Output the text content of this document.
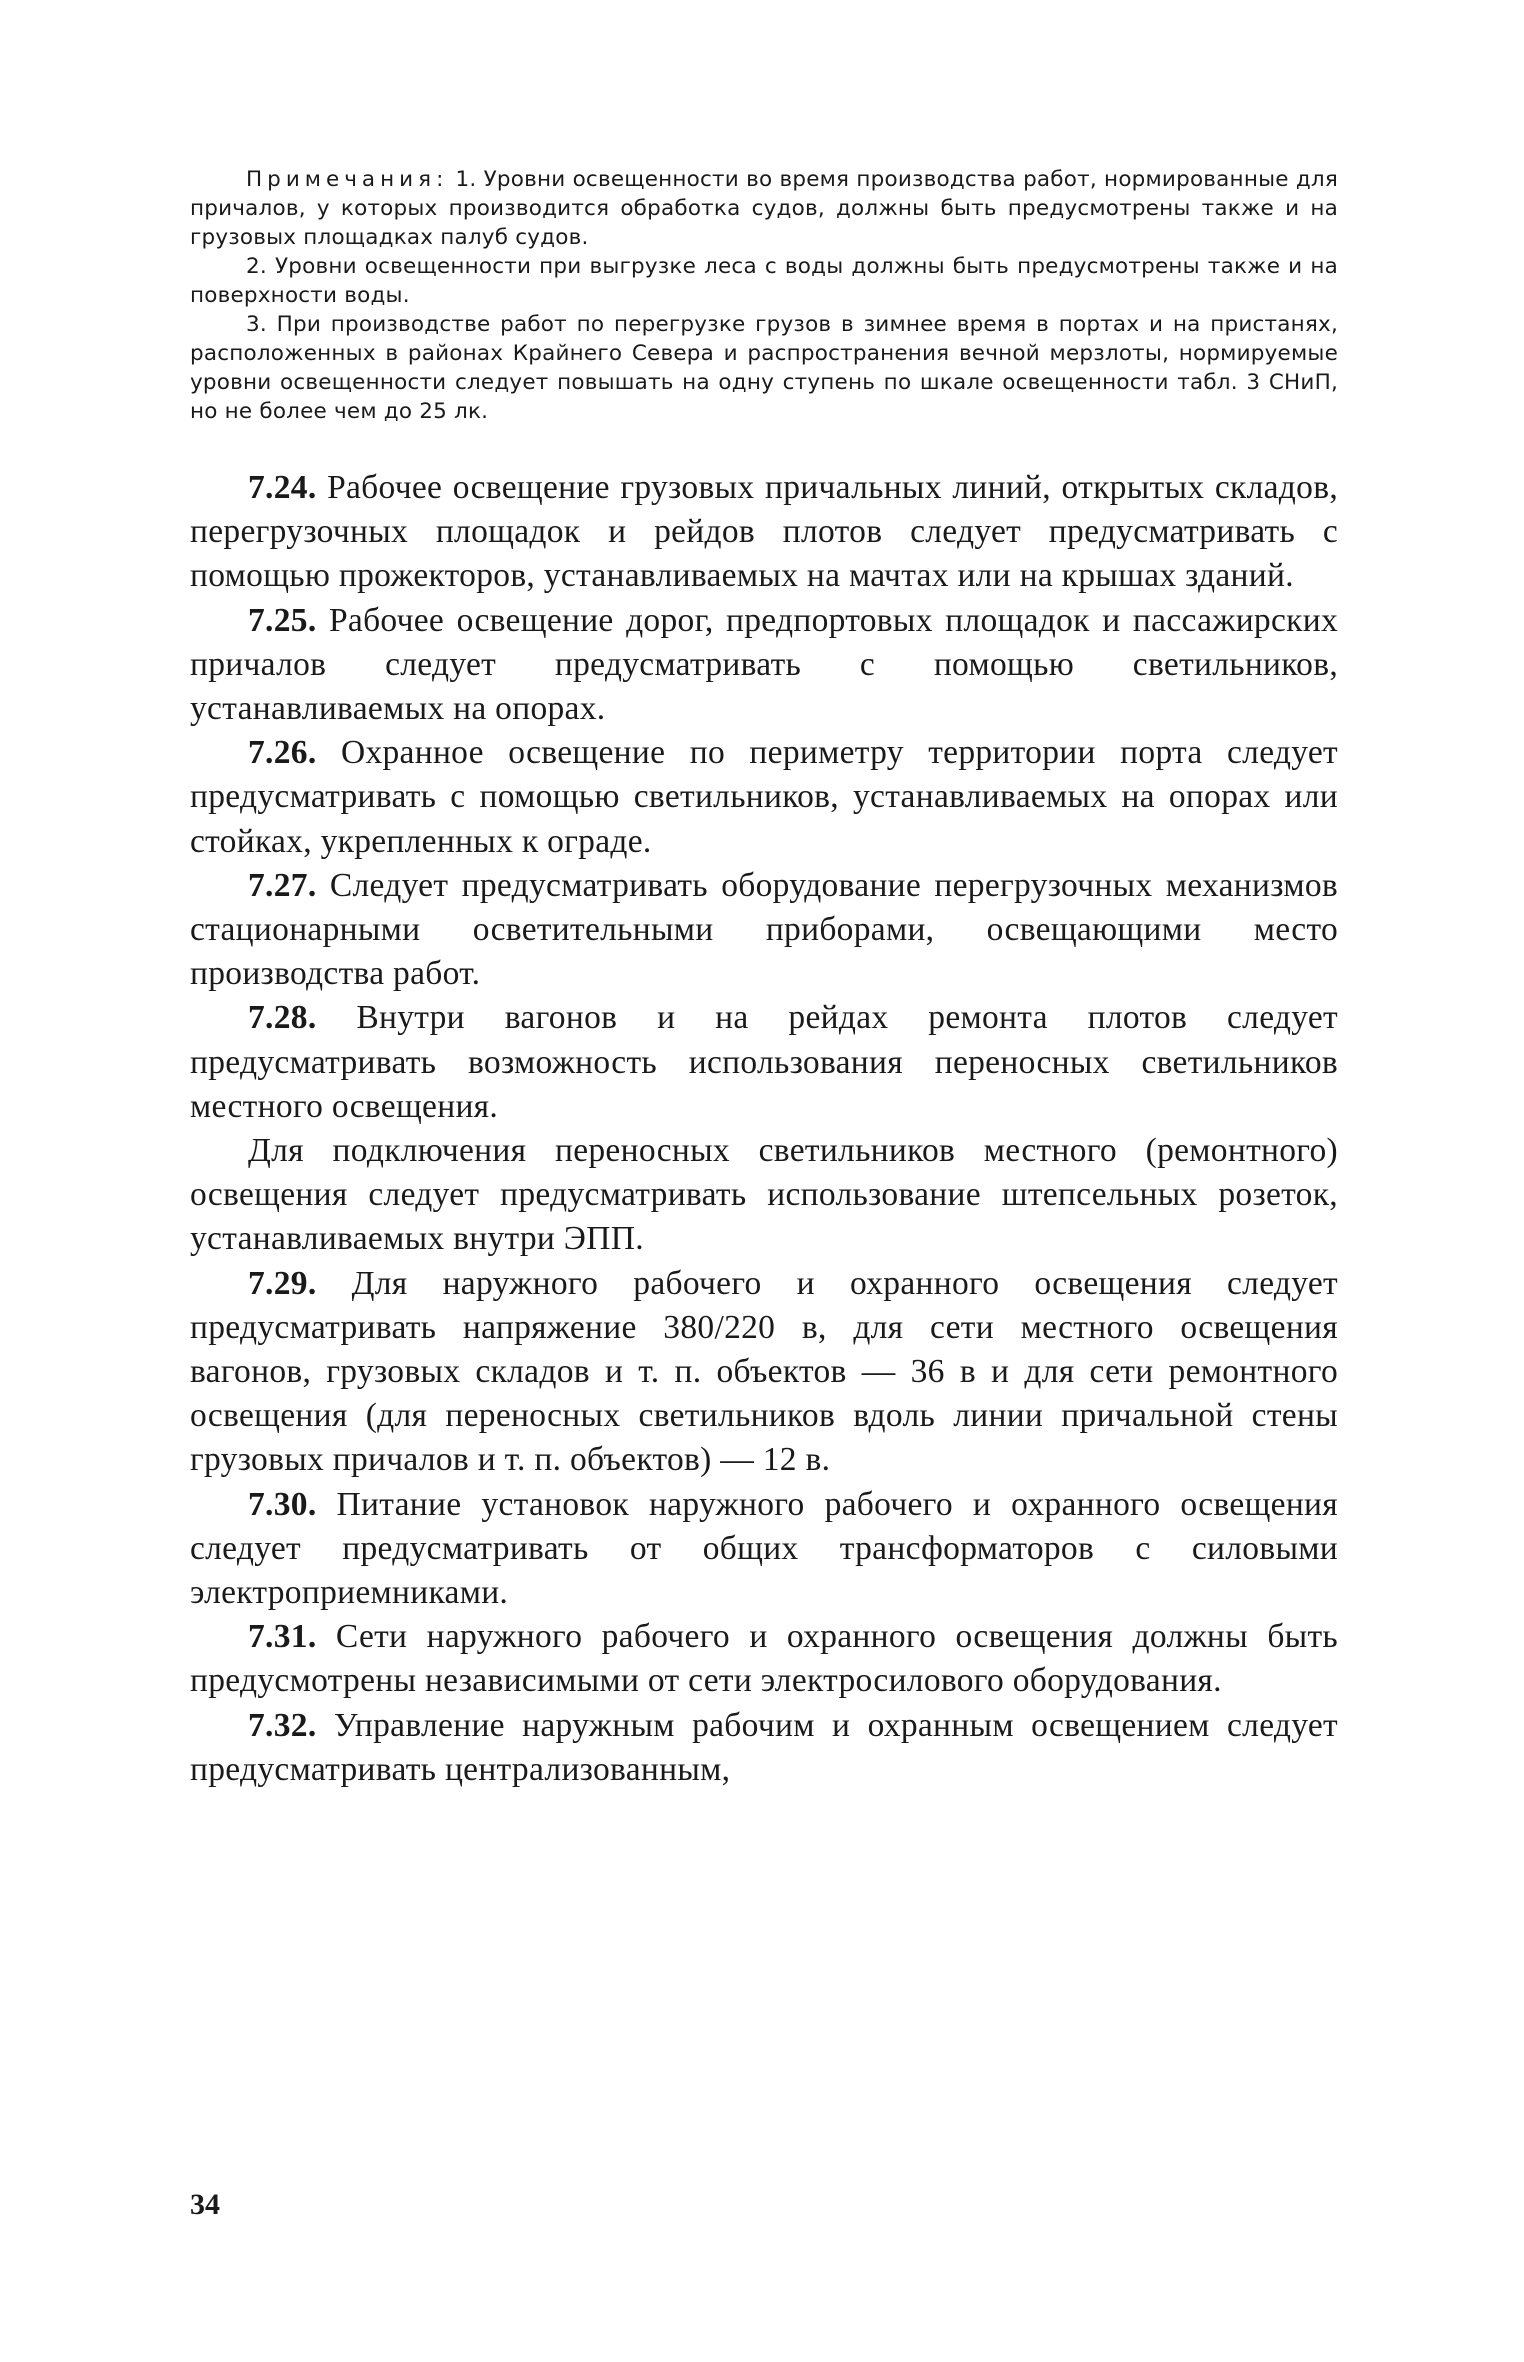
Примечания: 1. Уровни освещенности во время производства работ, нормированные для причалов, у которых производится обработка судов, должны быть предусмотрены также и на грузовых площадках палуб судов.

2. Уровни освещенности при выгрузке леса с воды должны быть предусмотрены также и на поверхности воды.

3. При производстве работ по перегрузке грузов в зимнее время в портах и на пристанях, расположенных в районах Крайнего Севера и распространения вечной мерзлоты, нормируемые уровни освещенности следует повышать на одну ступень по шкале освещенности табл. 3 СНиП, но не более чем до 25 лк.

7.24. Рабочее освещение грузовых причальных линий, открытых складов, перегрузочных площадок и рейдов плотов следует предусматривать с помощью прожекторов, устанавливаемых на мачтах или на крышах зданий.

7.25. Рабочее освещение дорог, предпортовых площадок и пассажирских причалов следует предусматривать с помощью светильников, устанавливаемых на опорах.

7.26. Охранное освещение по периметру территории порта следует предусматривать с помощью светильников, устанавливаемых на опорах или стойках, укрепленных к ограде.

7.27. Следует предусматривать оборудование перегрузочных механизмов стационарными осветительными приборами, освещающими место производства работ.

7.28. Внутри вагонов и на рейдах ремонта плотов следует предусматривать возможность использования переносных светильников местного освещения.

Для подключения переносных светильников местного (ремонтного) освещения следует предусматривать использование штепсельных розеток, устанавливаемых внутри ЭПП.

7.29. Для наружного рабочего и охранного освещения следует предусматривать напряжение 380/220 в, для сети местного освещения вагонов, грузовых складов и т. п. объектов — 36 в и для сети ремонтного освещения (для переносных светильников вдоль линии причальной стены грузовых причалов и т. п. объектов) — 12 в.

7.30. Питание установок наружного рабочего и охранного освещения следует предусматривать от общих трансформаторов с силовыми электроприемниками.

7.31. Сети наружного рабочего и охранного освещения должны быть предусмотрены независимыми от сети электросилового оборудования.

7.32. Управление наружным рабочим и охранным освещением следует предусматривать централизованным,

34
